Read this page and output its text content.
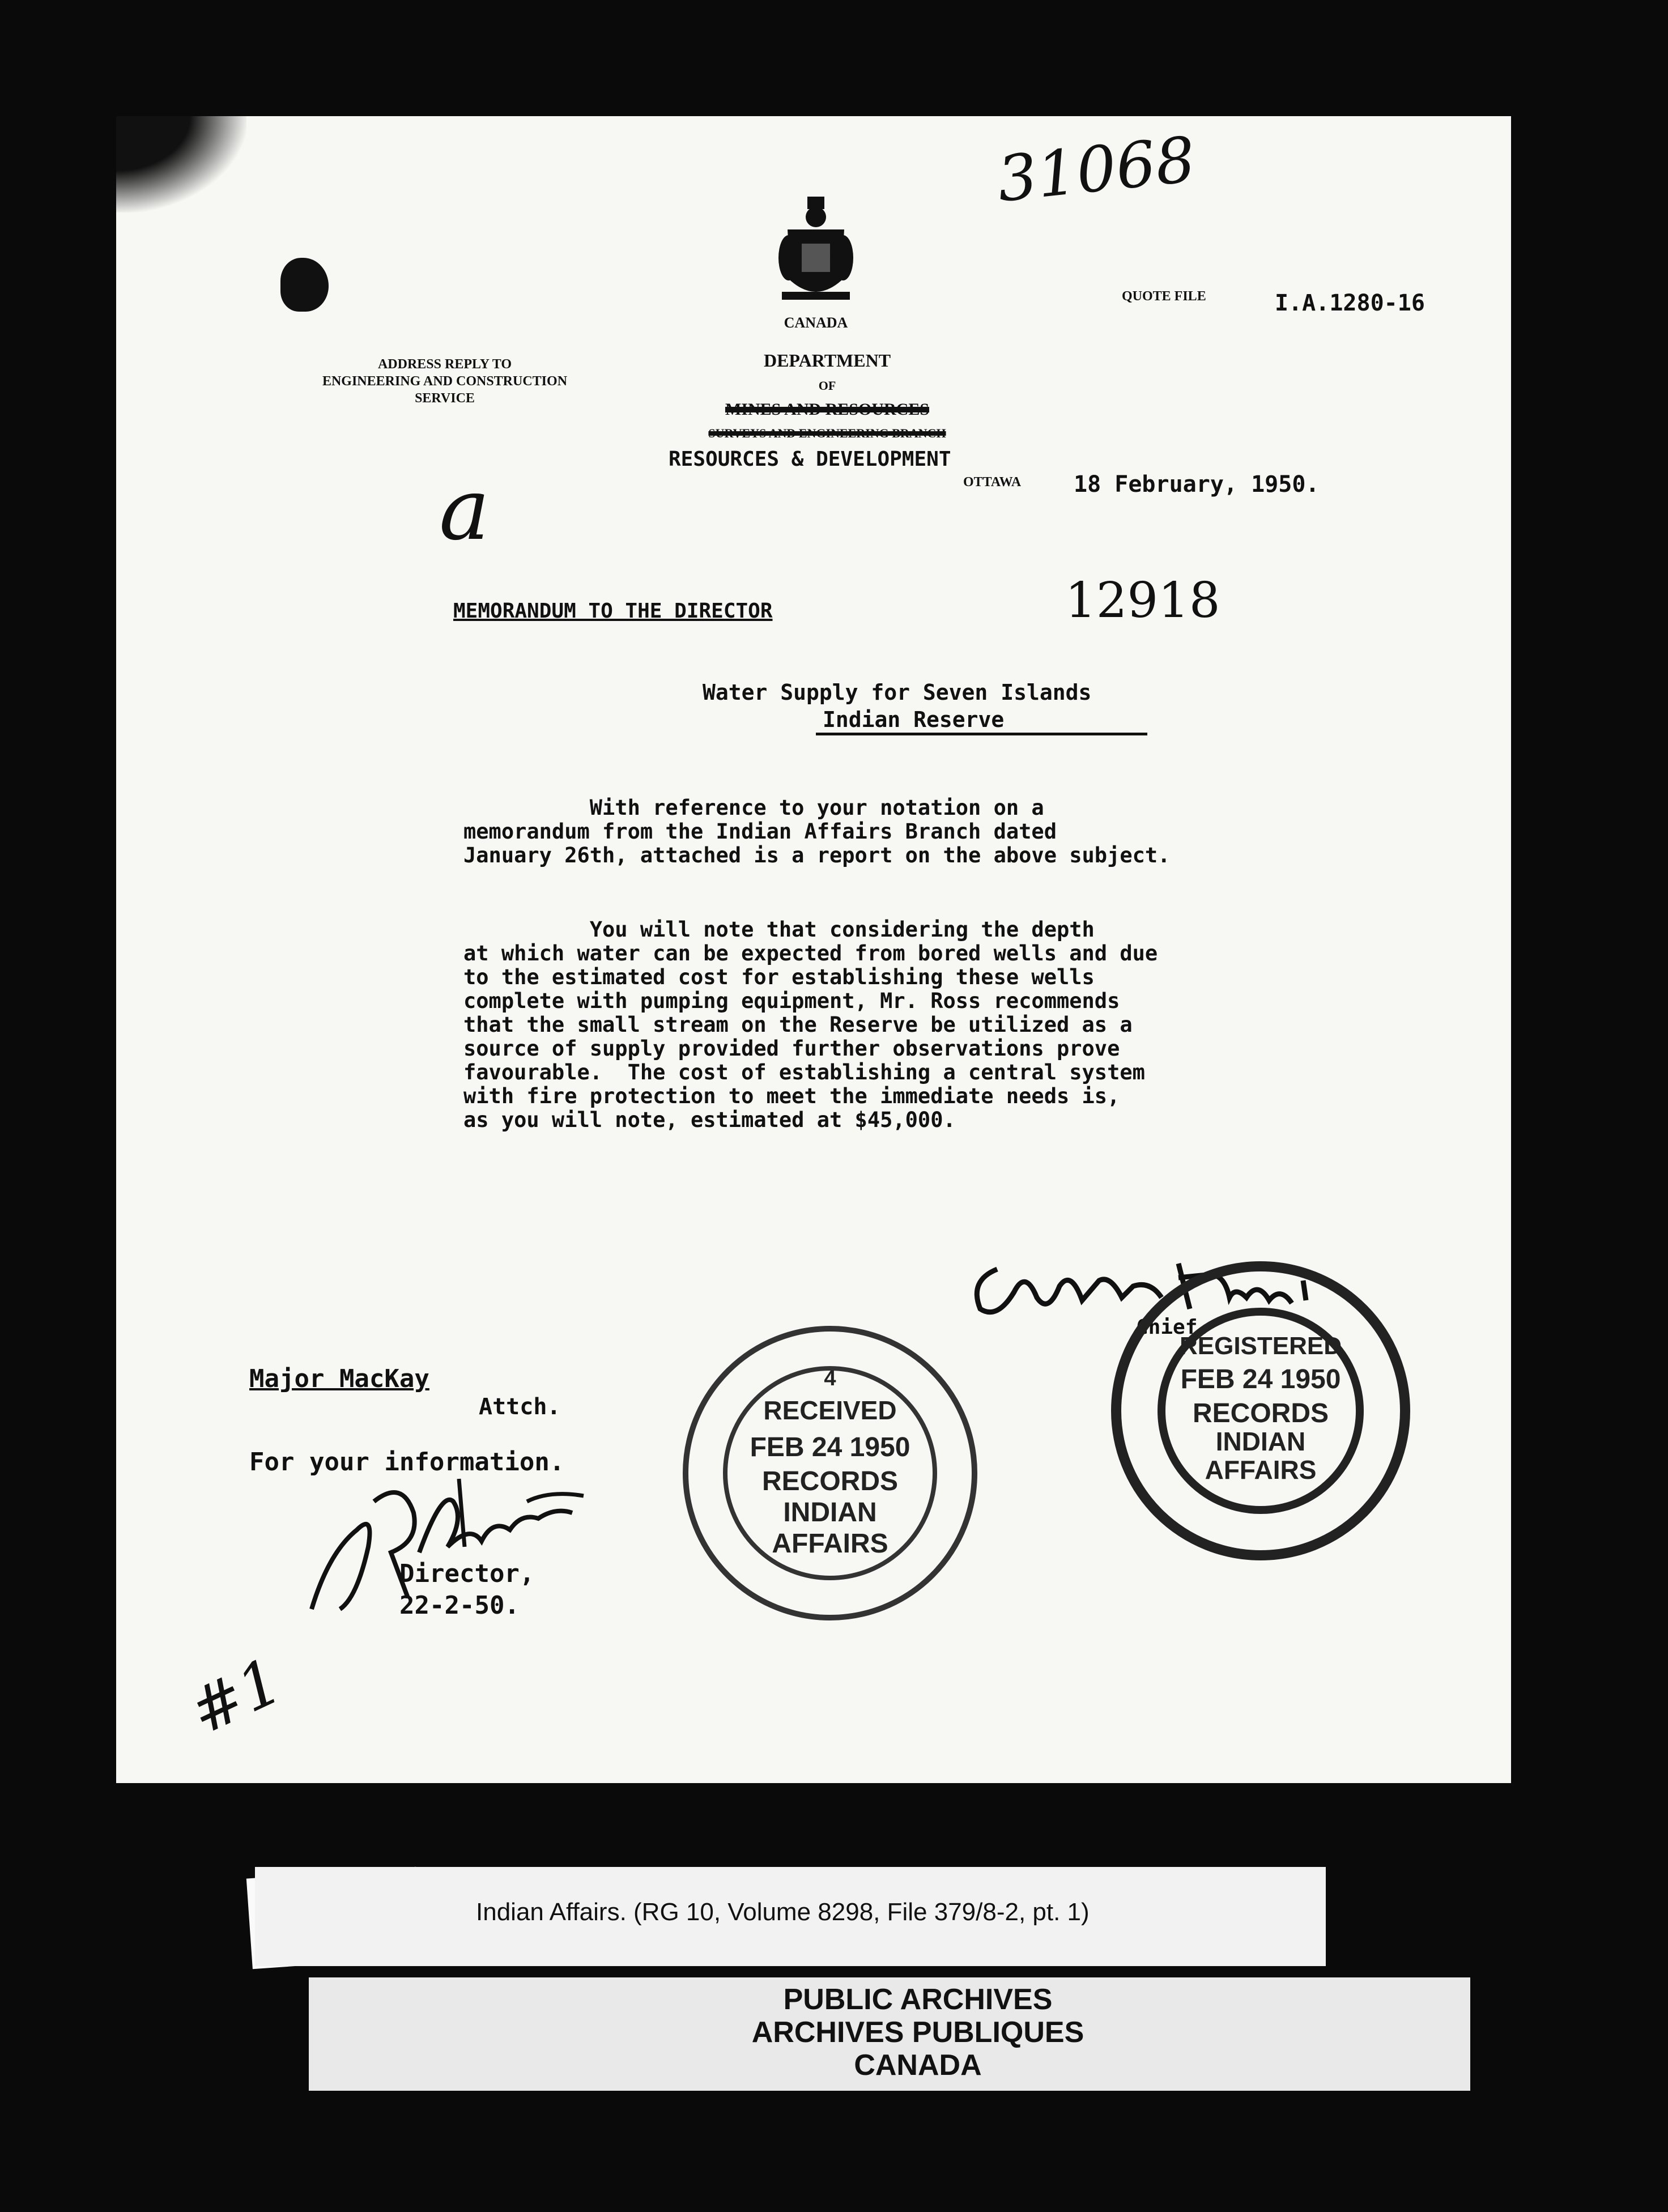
31068
CANADA
ADDRESS REPLY TO
ENGINEERING AND CONSTRUCTION
SERVICE
DEPARTMENT
OF
MINES AND RESOURCES
SURVEYS AND ENGINEERING BRANCH
RESOURCES & DEVELOPMENT
OTTAWA
QUOTE FILE	I.A.1280-16
18 February, 1950.
a
MEMORANDUM TO THE DIRECTOR	12918
Water Supply for Seven Islands
Indian Reserve
With reference to your notation on a
memorandum from the Indian Affairs Branch dated
January 26th, attached is a report on the above subject.
You will note that considering the depth
at which water can be expected from bored wells and due
to the estimated cost for establishing these wells
complete with pumping equipment, Mr. Ross recommends
that the small stream on the Reserve be utilized as a
source of supply provided further observations prove
favourable.  The cost of establishing a central system
with fire protection to meet the immediate needs is,
as you will note, estimated at $45,000.
Chief.
4
RECEIVED
FEB 24 1950
RECORDS
INDIAN
AFFAIRS
REGISTERED
FEB 24 1950
RECORDS
INDIAN
AFFAIRS
Major MacKay
Attch.
For your information.
Director,
22-2-50.
#1
Indian Affairs. (RG 10, Volume 8298, File 379/8-2, pt. 1)
PUBLIC ARCHIVES
ARCHIVES PUBLIQUES
CANADA
